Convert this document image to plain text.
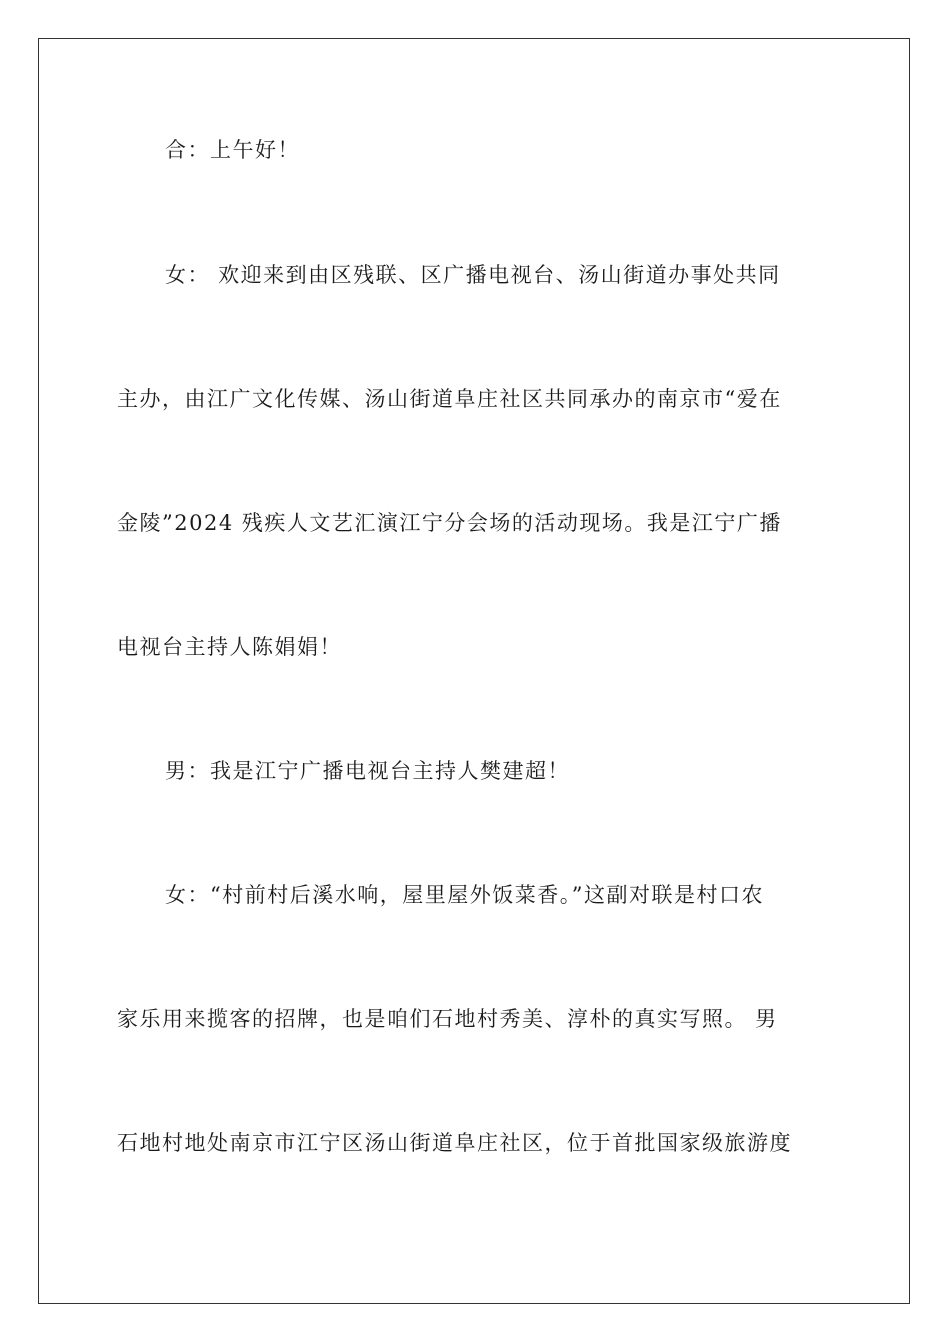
合：上午好！
女： 欢迎来到由区残联、区广播电视台、汤山街道办事处共同
主办，由江广文化传媒、汤山街道阜庄社区共同承办的南京市“爱在
金陵”2024 残疾人文艺汇演江宁分会场的活动现场。我是江宁广播
电视台主持人陈娟娟！
男：我是江宁广播电视台主持人樊建超！
女：“村前村后溪水响，屋里屋外饭菜香。”这副对联是村口农
家乐用来揽客的招牌，也是咱们石地村秀美、淳朴的真实写照。 男
石地村地处南京市江宁区汤山街道阜庄社区，位于首批国家级旅游度
